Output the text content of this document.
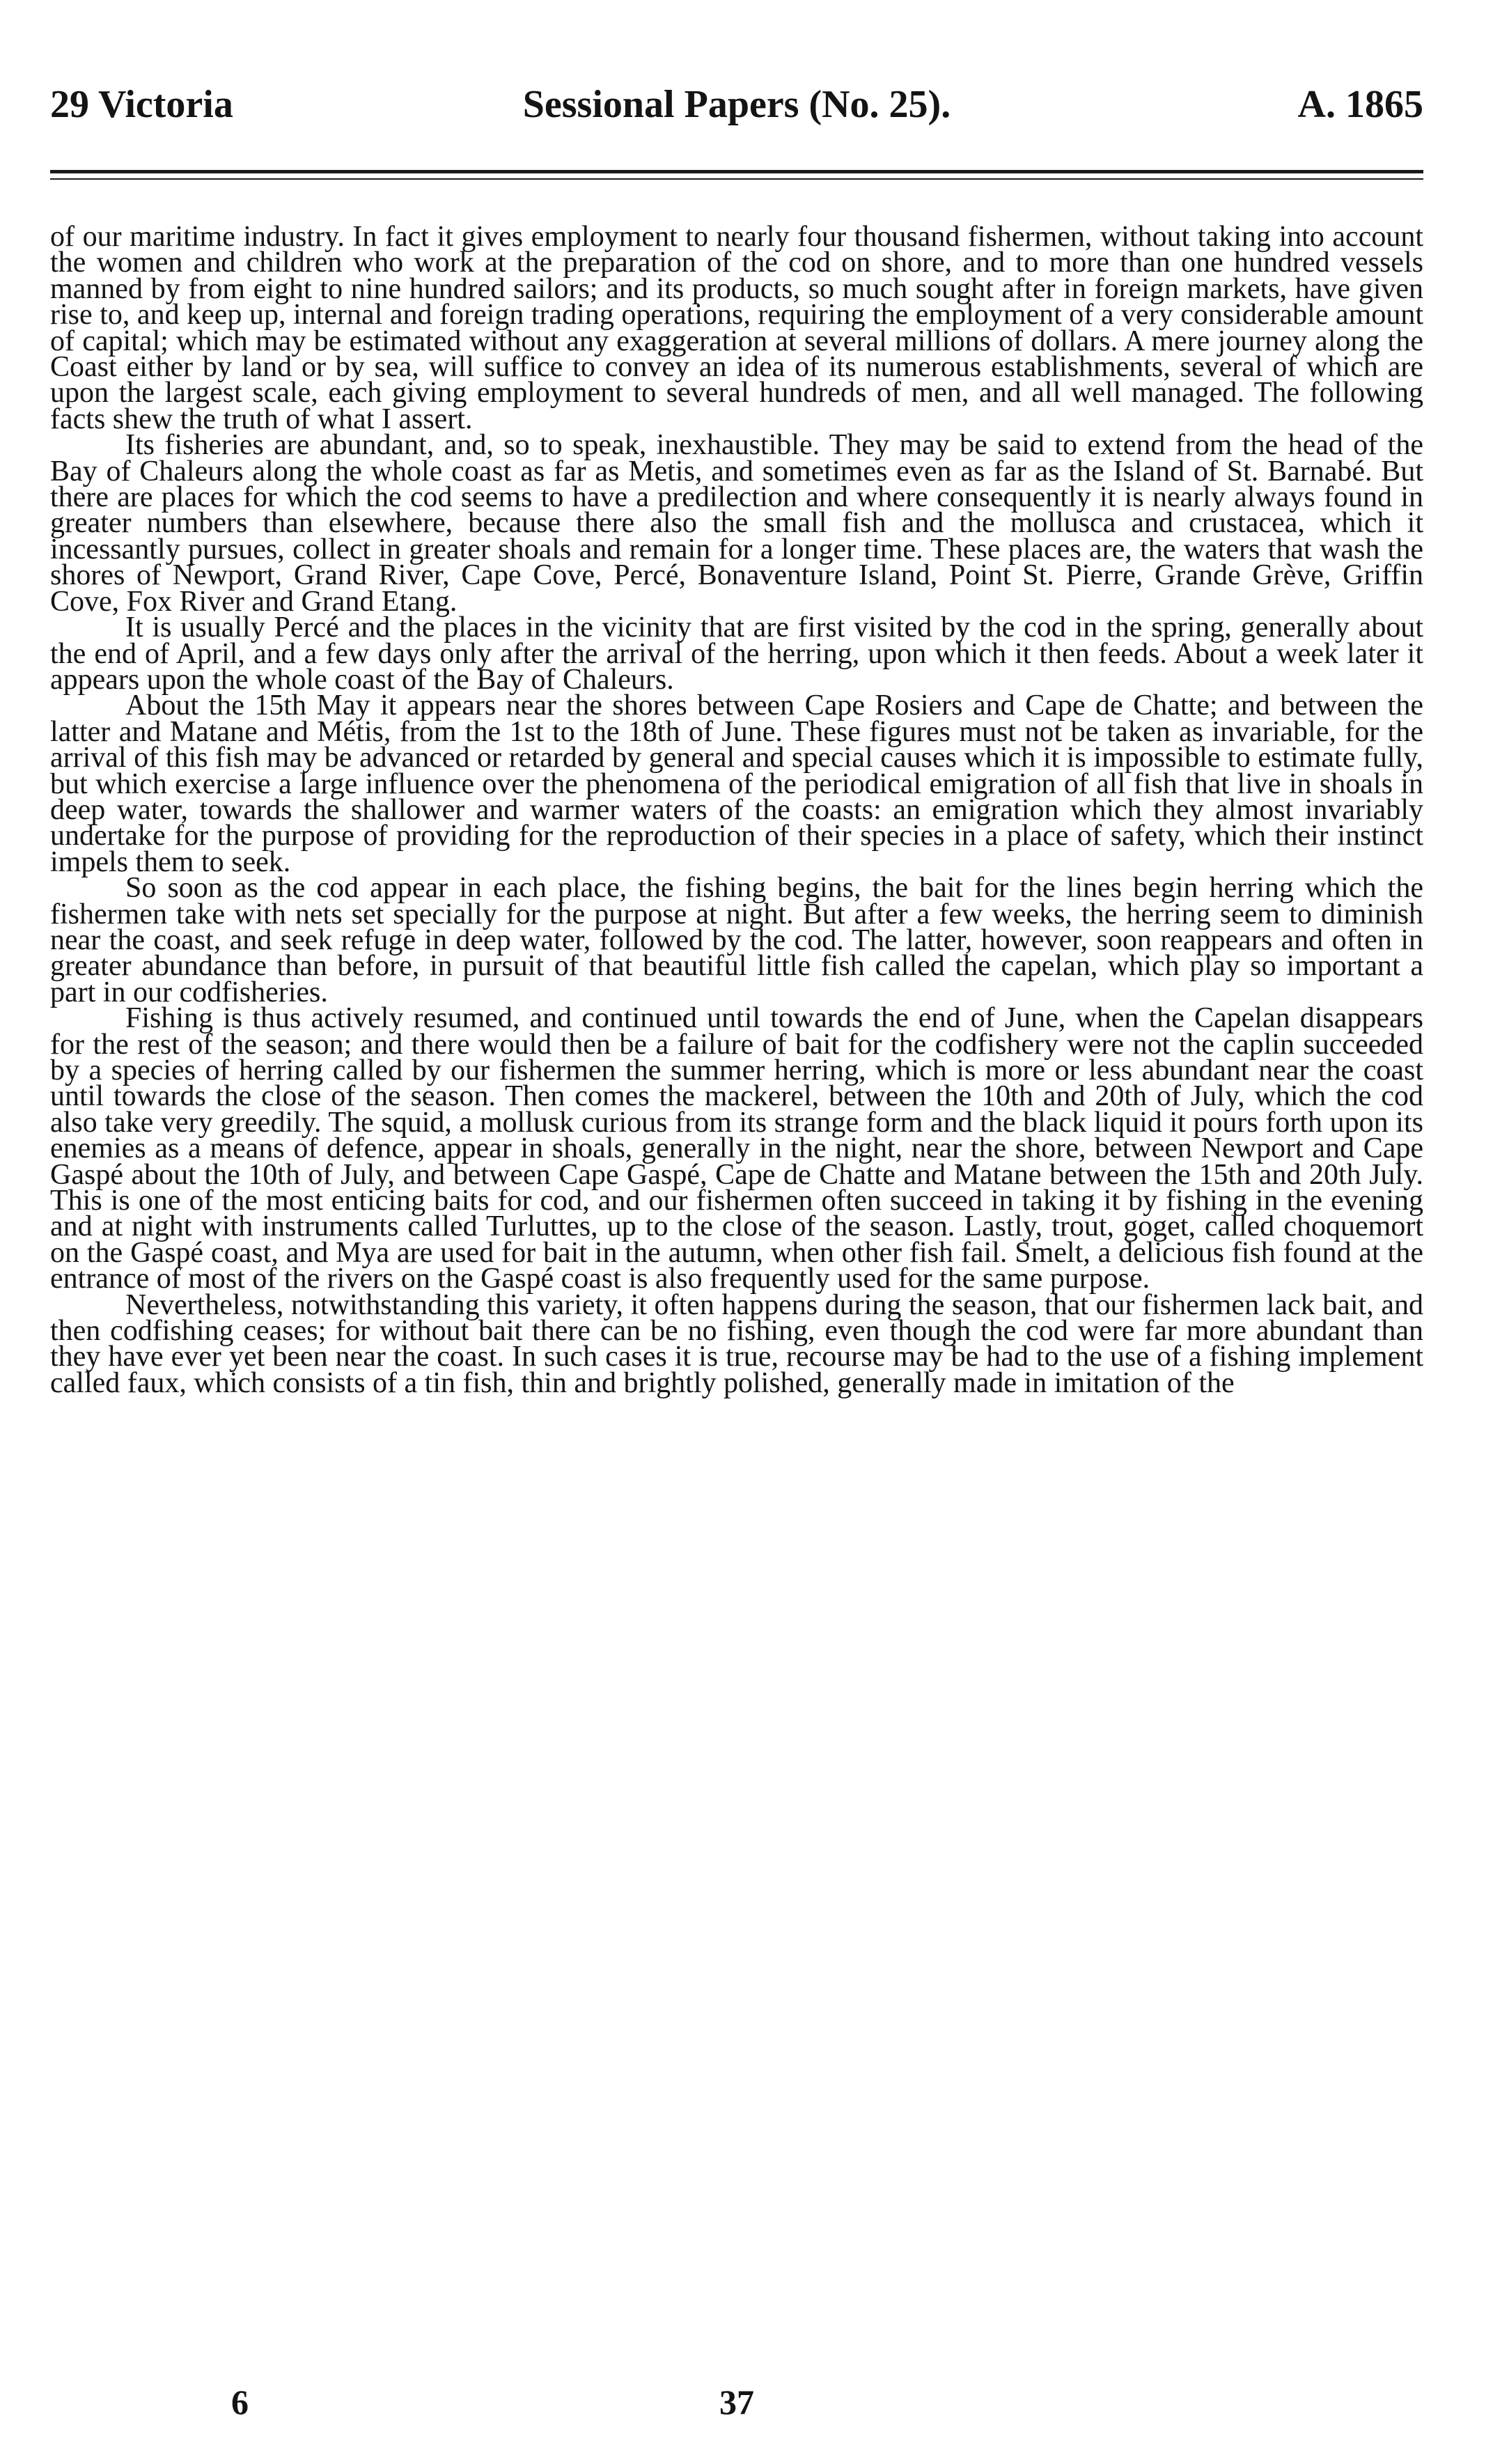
29 Victoria	Sessional Papers (No. 25).	A. 1865

of our maritime industry. In fact it gives employment to nearly four thousand fishermen, without taking into account the women and children who work at the preparation of the cod on shore, and to more than one hundred vessels manned by from eight to nine hundred sailors; and its products, so much sought after in foreign markets, have given rise to, and keep up, internal and foreign trading operations, requiring the employment of a very considerable amount of capital; which may be estimated without any exaggeration at several millions of dollars. A mere journey along the Coast either by land or by sea, will suffice to convey an idea of its numerous establishments, several of which are upon the largest scale, each giving employment to several hundreds of men, and all well managed. The following facts shew the truth of what I assert.

Its fisheries are abundant, and, so to speak, inexhaustible. They may be said to extend from the head of the Bay of Chaleurs along the whole coast as far as Metis, and sometimes even as far as the Island of St. Barnabé. But there are places for which the cod seems to have a predilection and where consequently it is nearly always found in greater numbers than elsewhere, because there also the small fish and the mollusca and crustacea, which it incessantly pursues, collect in greater shoals and remain for a longer time. These places are, the waters that wash the shores of Newport, Grand River, Cape Cove, Percé, Bonaventure Island, Point St. Pierre, Grande Grève, Griffin Cove, Fox River and Grand Etang.

It is usually Percé and the places in the vicinity that are first visited by the cod in the spring, generally about the end of April, and a few days only after the arrival of the herring, upon which it then feeds. About a week later it appears upon the whole coast of the Bay of Chaleurs.

About the 15th May it appears near the shores between Cape Rosiers and Cape de Chatte; and between the latter and Matane and Métis, from the 1st to the 18th of June. These figures must not be taken as invariable, for the arrival of this fish may be advanced or retarded by general and special causes which it is impossible to estimate fully, but which exercise a large influence over the phenomena of the periodical emigration of all fish that live in shoals in deep water, towards the shallower and warmer waters of the coasts: an emigration which they almost invariably undertake for the purpose of providing for the reproduction of their species in a place of safety, which their instinct impels them to seek.

So soon as the cod appear in each place, the fishing begins, the bait for the lines begin herring which the fishermen take with nets set specially for the purpose at night. But after a few weeks, the herring seem to diminish near the coast, and seek refuge in deep water, followed by the cod. The latter, however, soon reappears and often in greater abundance than before, in pursuit of that beautiful little fish called the capelan, which play so important a part in our codfisheries.

Fishing is thus actively resumed, and continued until towards the end of June, when the Capelan disappears for the rest of the season; and there would then be a failure of bait for the codfishery were not the caplin succeeded by a species of herring called by our fishermen the summer herring, which is more or less abundant near the coast until towards the close of the season. Then comes the mackerel, between the 10th and 20th of July, which the cod also take very greedily. The squid, a mollusk curious from its strange form and the black liquid it pours forth upon its enemies as a means of defence, appear in shoals, generally in the night, near the shore, between Newport and Cape Gaspé about the 10th of July, and between Cape Gaspé, Cape de Chatte and Matane between the 15th and 20th July. This is one of the most enticing baits for cod, and our fishermen often succeed in taking it by fishing in the evening and at night with instruments called Turluttes, up to the close of the season. Lastly, trout, goget, called choquemort on the Gaspé coast, and Mya are used for bait in the autumn, when other fish fail. Smelt, a delicious fish found at the entrance of most of the rivers on the Gaspé coast is also frequently used for the same purpose.

Nevertheless, notwithstanding this variety, it often happens during the season, that our fishermen lack bait, and then codfishing ceases; for without bait there can be no fishing, even though the cod were far more abundant than they have ever yet been near the coast. In such cases it is true, recourse may be had to the use of a fishing implement called faux, which consists of a tin fish, thin and brightly polished, generally made in imitation of the

6	37
